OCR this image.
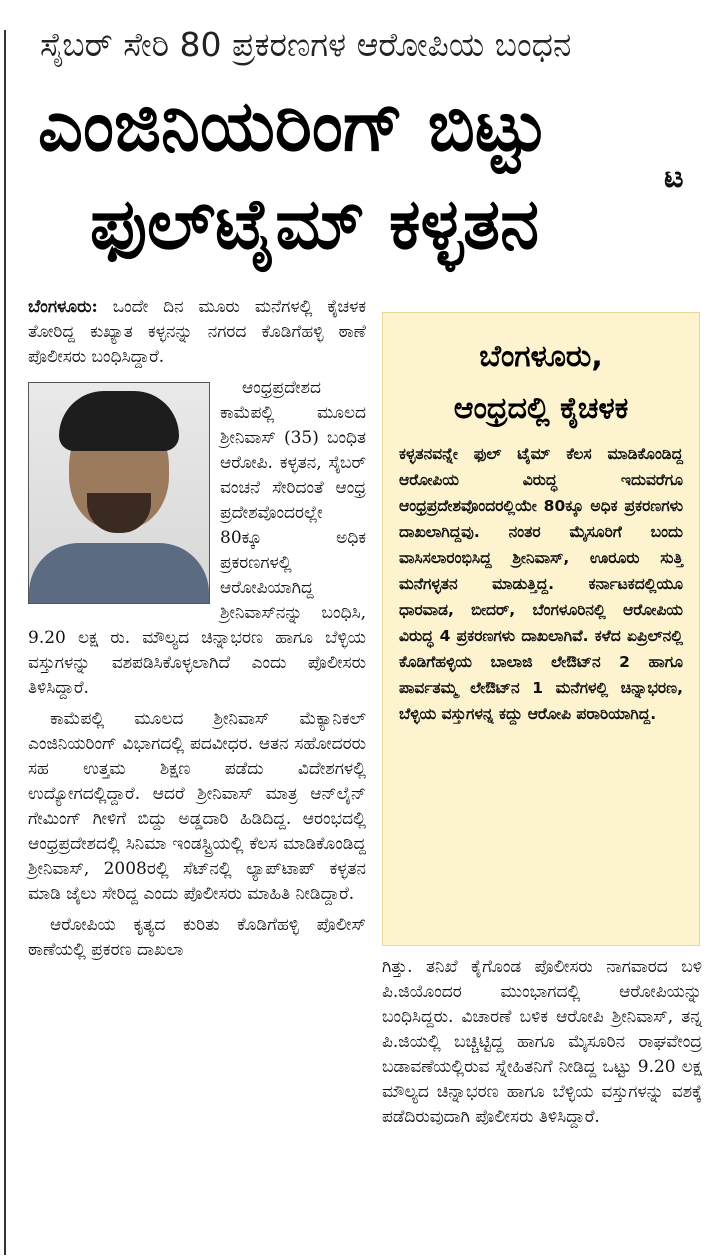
ಸೈಬರ್ ಸೇರಿ 80 ಪ್ರಕರಣಗಳ ಆರೋಪಿಯ ಬಂಧನ
ಎಂಜಿನಿಯರಿಂಗ್ ಬಿಟ್ಟು
ಟ
ಫುಲ್‌ಟೈಮ್ ಕಳ್ಳತನ

ಬೆಂಗಳೂರು: ಒಂದೇ ದಿನ ಮೂರು ಮನೆಗಳಲ್ಲಿ ಕೈಚಳಕ ತೋರಿದ್ದ ಕುಖ್ಯಾತ ಕಳ್ಳನನ್ನು ನಗರದ ಕೊಡಿಗೆಹಳ್ಳಿ ಠಾಣೆ ಪೊಲೀಸರು ಬಂಧಿಸಿದ್ದಾರೆ.

ಆಂಧ್ರಪ್ರದೇಶದ ಕಾಮೆಪಲ್ಲಿ ಮೂಲದ ಶ್ರೀನಿವಾಸ್ (35) ಬಂಧಿತ ಆರೋಪಿ. ಕಳ್ಳತನ, ಸೈಬರ್ ವಂಚನೆ ಸೇರಿದಂತೆ ಆಂಧ್ರ ಪ್ರದೇಶವೊಂದರಲ್ಲೇ 80ಕ್ಕೂ ಅಧಿಕ ಪ್ರಕರಣಗಳಲ್ಲಿ ಆರೋಪಿಯಾಗಿದ್ದ ಶ್ರೀನಿವಾಸ್‌ನನ್ನು ಬಂಧಿಸಿ, 9.20 ಲಕ್ಷ ರು. ಮೌಲ್ಯದ ಚಿನ್ನಾಭರಣ ಹಾಗೂ ಬೆಳ್ಳಿಯ ವಸ್ತುಗಳನ್ನು ವಶಪಡಿಸಿಕೊಳ್ಳಲಾಗಿದೆ ಎಂದು ಪೊಲೀಸರು ತಿಳಿಸಿದ್ದಾರೆ.

ಕಾಮೆಪಲ್ಲಿ ಮೂಲದ ಶ್ರೀನಿವಾಸ್ ಮೆಕ್ಯಾನಿಕಲ್ ಎಂಜಿನಿಯರಿಂಗ್ ವಿಭಾಗದಲ್ಲಿ ಪದವೀಧರ. ಆತನ ಸಹೋದರರು ಸಹ ಉತ್ತಮ ಶಿಕ್ಷಣ ಪಡೆದು ವಿದೇಶಗಳಲ್ಲಿ ಉದ್ಯೋಗದಲ್ಲಿದ್ದಾರೆ. ಆದರೆ ಶ್ರೀನಿವಾಸ್ ಮಾತ್ರ ಆನ್‌ಲೈನ್ ಗೇಮಿಂಗ್ ಗೀಳಿಗೆ ಬಿದ್ದು ಅಡ್ಡದಾರಿ ಹಿಡಿದಿದ್ದ. ಆರಂಭದಲ್ಲಿ ಆಂಧ್ರಪ್ರದೇಶದಲ್ಲಿ ಸಿನಿಮಾ ಇಂಡಸ್ಟ್ರಿಯಲ್ಲಿ ಕೆಲಸ ಮಾಡಿಕೊಂಡಿದ್ದ ಶ್ರೀನಿವಾಸ್, 2008ರಲ್ಲಿ ಸೆಟ್‌ನಲ್ಲಿ ಲ್ಯಾಪ್‌ಟಾಪ್ ಕಳ್ಳತನ ಮಾಡಿ ಜೈಲು ಸೇರಿದ್ದ ಎಂದು ಪೊಲೀಸರು ಮಾಹಿತಿ ನೀಡಿದ್ದಾರೆ.

ಆರೋಪಿಯ ಕೃತ್ಯದ ಕುರಿತು ಕೊಡಿಗೆಹಳ್ಳಿ ಪೊಲೀಸ್ ಠಾಣೆಯಲ್ಲಿ ಪ್ರಕರಣ ದಾಖಲಾ

ಬೆಂಗಳೂರು,
ಆಂಧ್ರದಲ್ಲಿ ಕೈಚಳಕ
ಕಳ್ಳತನವನ್ನೇ ಫುಲ್ ಟೈಮ್ ಕೆಲಸ ಮಾಡಿಕೊಂಡಿದ್ದ ಆರೋಪಿಯ ವಿರುದ್ಧ ಇದುವರೆಗೂ ಆಂಧ್ರಪ್ರದೇಶವೊಂದರಲ್ಲಿಯೇ 80ಕ್ಕೂ ಅಧಿಕ ಪ್ರಕರಣಗಳು ದಾಖಲಾಗಿದ್ದವು. ನಂತರ ಮೈಸೂರಿಗೆ ಬಂದು ವಾಸಿಸಲಾರಂಭಿಸಿದ್ದ ಶ್ರೀನಿವಾಸ್, ಊರೂರು ಸುತ್ತಿ ಮನೆಗಳ್ಳತನ ಮಾಡುತ್ತಿದ್ದ. ಕರ್ನಾಟಕದಲ್ಲಿಯೂ ಧಾರವಾಡ, ಬೀದರ್, ಬೆಂಗಳೂರಿನಲ್ಲಿ ಆರೋಪಿಯ ವಿರುದ್ಧ 4 ಪ್ರಕರಣಗಳು ದಾಖಲಾಗಿವೆ. ಕಳೆದ ಏಪ್ರಿಲ್‌ನಲ್ಲಿ ಕೊಡಿಗೆಹಳ್ಳಿಯ ಬಾಲಾಜಿ ಲೇಔಟ್‌ನ 2 ಹಾಗೂ ಪಾರ್ವತಮ್ಮ ಲೇಔಟ್‌ನ 1 ಮನೆಗಳಲ್ಲಿ ಚಿನ್ನಾಭರಣ, ಬೆಳ್ಳಿಯ ವಸ್ತುಗಳನ್ನ ಕದ್ದು ಆರೋಪಿ ಪರಾರಿಯಾಗಿದ್ದ.

ಗಿತ್ತು. ತನಿಖೆ ಕೈಗೊಂಡ ಪೊಲೀಸರು ನಾಗವಾರದ ಬಳಿ ಪಿ.ಜಿಯೊಂದರ ಮುಂಭಾಗದಲ್ಲಿ ಆರೋಪಿಯನ್ನು ಬಂಧಿಸಿದ್ದರು. ವಿಚಾರಣೆ ಬಳಿಕ ಆರೋಪಿ ಶ್ರೀನಿವಾಸ್, ತನ್ನ ಪಿ.ಜಿಯಲ್ಲಿ ಬಚ್ಚಿಟ್ಟಿದ್ದ ಹಾಗೂ ಮೈಸೂರಿನ ರಾಘವೇಂದ್ರ ಬಡಾವಣೆಯಲ್ಲಿರುವ ಸ್ನೇಹಿತನಿಗೆ ನೀಡಿದ್ದ ಒಟ್ಟು 9.20 ಲಕ್ಷ ಮೌಲ್ಯದ ಚಿನ್ನಾಭರಣ ಹಾಗೂ ಬೆಳ್ಳಿಯ ವಸ್ತುಗಳನ್ನು ವಶಕ್ಕೆ ಪಡೆದಿರುವುದಾಗಿ ಪೊಲೀಸರು ತಿಳಿಸಿದ್ದಾರೆ.
